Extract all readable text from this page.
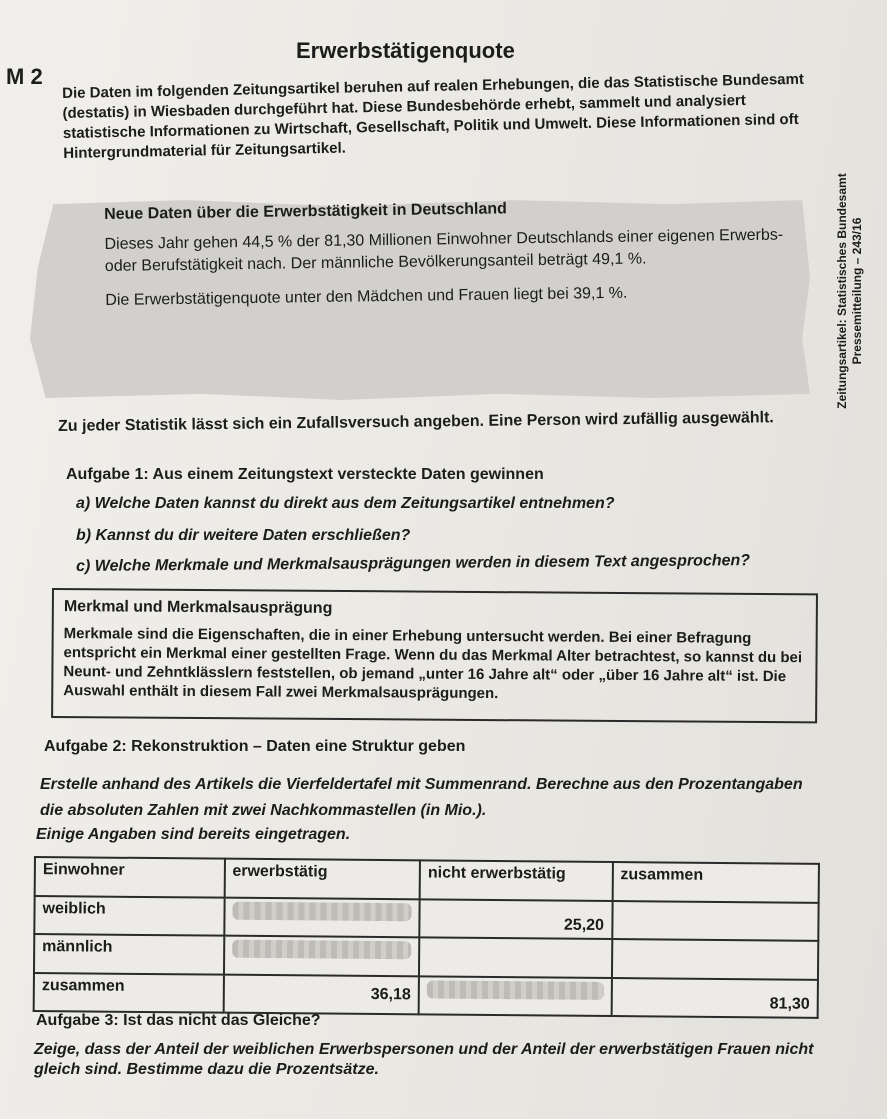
M 2
Erwerbstätigenquote
Die Daten im folgenden Zeitungsartikel beruhen auf realen Erhebungen, die das Statistische Bundesamt (destatis) in Wiesbaden durchgeführt hat. Diese Bundesbehörde erhebt, sammelt und analysiert statistische Informationen zu Wirtschaft, Gesellschaft, Politik und Umwelt. Diese Informationen sind oft Hintergrundmaterial für Zeitungsartikel.
Neue Daten über die Erwerbstätigkeit in Deutschland
Dieses Jahr gehen 44,5 % der 81,30 Millionen Einwohner Deutschlands einer eigenen Erwerbs- oder Berufstätigkeit nach. Der männliche Bevölkerungsanteil beträgt 49,1 %.
Die Erwerbstätigenquote unter den Mädchen und Frauen liegt bei 39,1 %.	Zeitungsartikel: Statistisches Bundesamt Pressemitteilung – 243/16
Zu jeder Statistik lässt sich ein Zufallsversuch angeben. Eine Person wird zufällig ausgewählt.
Aufgabe 1: Aus einem Zeitungstext versteckte Daten gewinnen
a) Welche Daten kannst du direkt aus dem Zeitungsartikel entnehmen?
b) Kannst du dir weitere Daten erschließen?
c) Welche Merkmale und Merkmalsausprägungen werden in diesem Text angesprochen?
Merkmal und Merkmalsausprägung
Merkmale sind die Eigenschaften, die in einer Erhebung untersucht werden. Bei einer Befragung entspricht ein Merkmal einer gestellten Frage. Wenn du das Merkmal Alter betrachtest, so kannst du bei Neunt- und Zehntklässlern feststellen, ob jemand „unter 16 Jahre alt“ oder „über 16 Jahre alt“ ist. Die Auswahl enthält in diesem Fall zwei Merkmalsausprägungen.
Aufgabe 2: Rekonstruktion – Daten eine Struktur geben
Erstelle anhand des Artikels die Vierfeldertafel mit Summenrand. Berechne aus den Prozentangaben die absoluten Zahlen mit zwei Nachkommastellen (in Mio.).
Einige Angaben sind bereits eingetragen.
Einwohner	erwerbstätig	nicht erwerbstätig	zusammen
weiblich		25,20	
männlich	

zusammen	36,18		81,30
Aufgabe 3: Ist das nicht das Gleiche?
Zeige, dass der Anteil der weiblichen Erwerbspersonen und der Anteil der erwerbstätigen Frauen nicht gleich sind. Bestimme dazu die Prozentsätze.
